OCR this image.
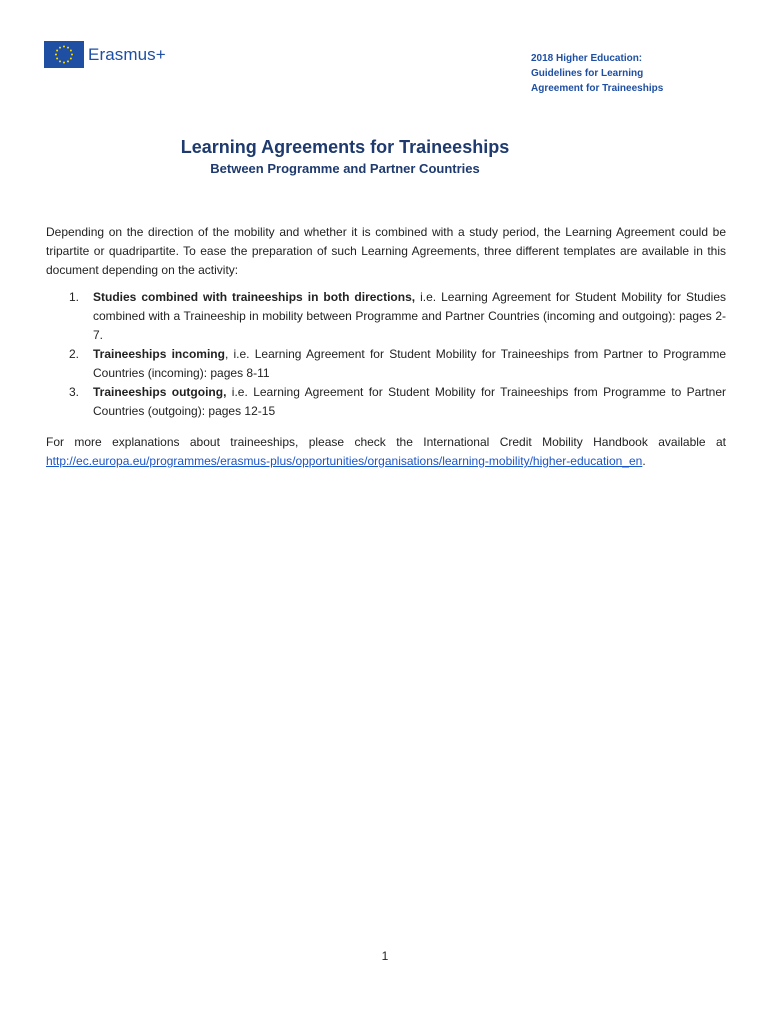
Erasmus+	2018 Higher Education:
Guidelines for Learning
Agreement for Traineeships
Learning Agreements for Traineeships
Between Programme and Partner Countries

Depending on the direction of the mobility and whether it is combined with a study period, the Learning Agreement could be tripartite or quadripartite. To ease the preparation of such Learning Agreements, three different templates are available in this document depending on the activity:

1. Studies combined with traineeships in both directions, i.e. Learning Agreement for Student Mobility for Studies combined with a Traineeship in mobility between Programme and Partner Countries (incoming and outgoing): pages 2-7.
2. Traineeships incoming, i.e. Learning Agreement for Student Mobility for Traineeships from Partner to Programme Countries (incoming): pages 8-11
3. Traineeships outgoing, i.e. Learning Agreement for Student Mobility for Traineeships from Programme to Partner Countries (outgoing): pages 12-15

For more explanations about traineeships, please check the International Credit Mobility Handbook available at http://ec.europa.eu/programmes/erasmus-plus/opportunities/organisations/learning-mobility/higher-education_en.

1
